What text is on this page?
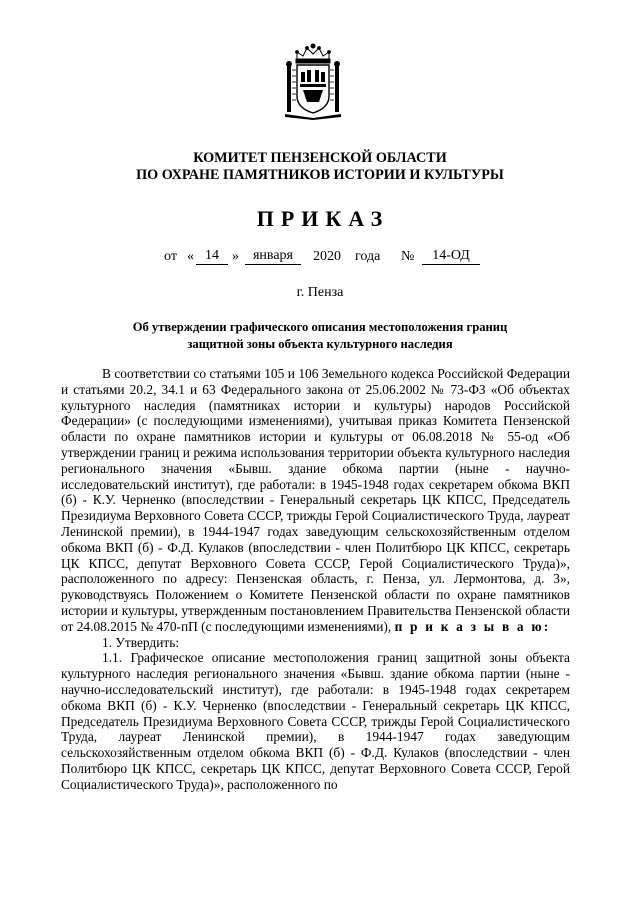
КОМИТЕТ ПЕНЗЕНСКОЙ ОБЛАСТИ
ПО ОХРАНЕ ПАМЯТНИКОВ ИСТОРИИ И КУЛЬТУРЫ
ПРИКАЗ
от « 14 » января	2020 года №	14-ОД
г. Пенза
Об утверждении графического описания местоположения границ
защитной зоны объекта культурного наследия

В соответствии со статьями 105 и 106 Земельного кодекса Российской Федерации и статьями 20.2, 34.1 и 63 Федерального закона от 25.06.2002 № 73-ФЗ «Об объектах культурного наследия (памятниках истории и культуры) народов Российской Федерации» (с последующими изменениями), учитывая приказ Комитета Пензенской области по охране памятников истории и культуры от 06.08.2018 № 55-од «Об утверждении границ и режима использования территории объекта культурного наследия регионального значения «Бывш. здание обкома партии (ныне - научно-исследовательский институт), где работали: в 1945-1948 годах секретарем обкома ВКП (б) - К.У. Черненко (впоследствии - Генеральный секретарь ЦК КПСС, Председатель Президиума Верховного Совета СССР, трижды Герой Социалистического Труда, лауреат Ленинской премии), в 1944-1947 годах заведующим сельскохозяйственным отделом обкома ВКП (б) - Ф.Д. Кулаков (впоследствии - член Политбюро ЦК КПСС, секретарь ЦК КПСС, депутат Верховного Совета СССР, Герой Социалистического Труда)», расположенного по адресу: Пензенская область, г. Пенза, ул. Лермонтова, д. 3», руководствуясь Положением о Комитете Пензенской области по охране памятников истории и культуры, утвержденным постановлением Правительства Пензенской области от 24.08.2015 № 470-пП (с последующими изменениями), п р и к а з ы в а ю:

1. Утвердить:

1.1. Графическое описание местоположения границ защитной зоны объекта культурного наследия регионального значения «Бывш. здание обкома партии (ныне - научно-исследовательский институт), где работали: в 1945-1948 годах секретарем обкома ВКП (б) - К.У. Черненко (впоследствии - Генеральный секретарь ЦК КПСС, Председатель Президиума Верховного Совета СССР, трижды Герой Социалистического Труда, лауреат Ленинской премии), в 1944-1947 годах заведующим сельскохозяйственным отделом обкома ВКП (б) - Ф.Д. Кулаков (впоследствии - член Политбюро ЦК КПСС, секретарь ЦК КПСС, депутат Верховного Совета СССР, Герой Социалистического Труда)», расположенного по
